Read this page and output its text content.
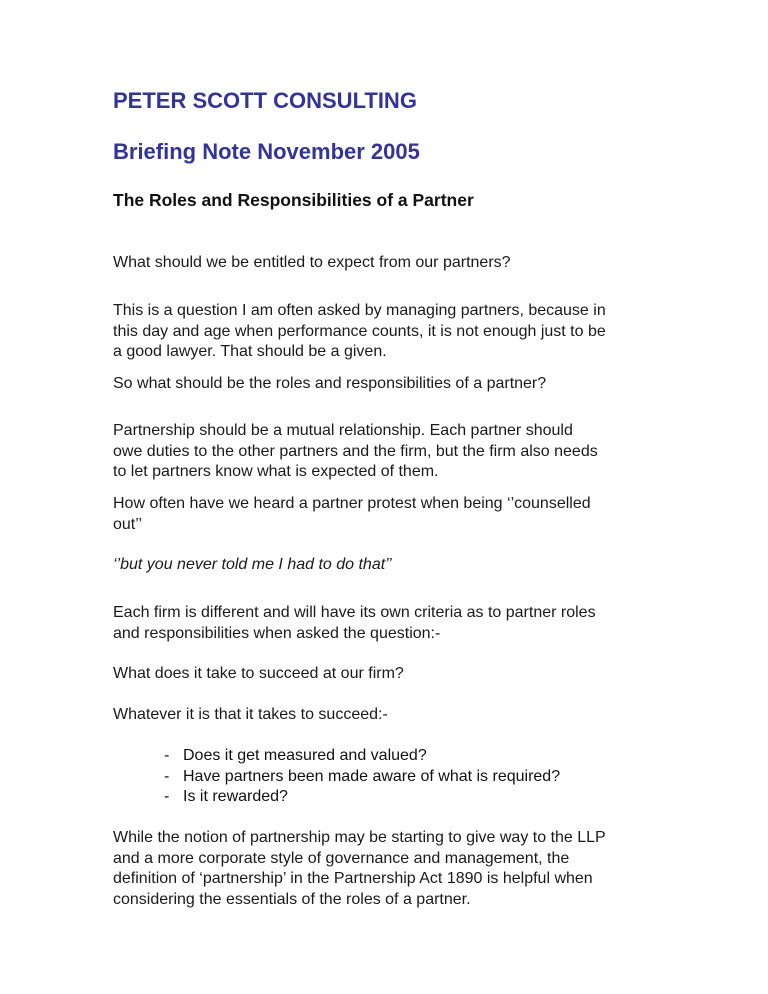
PETER SCOTT CONSULTING
Briefing Note November 2005
The Roles and Responsibilities of a Partner
What should we be entitled to expect from our partners?
This is a question I am often asked by managing partners, because in
this day and age when performance counts, it is not enough just to be
a good lawyer. That should be a given.
So what should be the roles and responsibilities of a partner?
Partnership should be a mutual relationship. Each partner should
owe duties to the other partners and the firm, but the firm also needs
to let partners know what is expected of them.
How often have we heard a partner protest when being ‘’counselled
out’’
‘’but you never told me I had to do that’’
Each firm is different and will have its own criteria as to partner roles
and responsibilities when asked the question:-
What does it take to succeed at our firm?
Whatever it is that it takes to succeed:-
- Does it get measured and valued?
- Have partners been made aware of what is required?
- Is it rewarded?
While the notion of partnership may be starting to give way to the LLP
and a more corporate style of governance and management, the
definition of ‘partnership’ in the Partnership Act 1890 is helpful when
considering the essentials of the roles of a partner.
